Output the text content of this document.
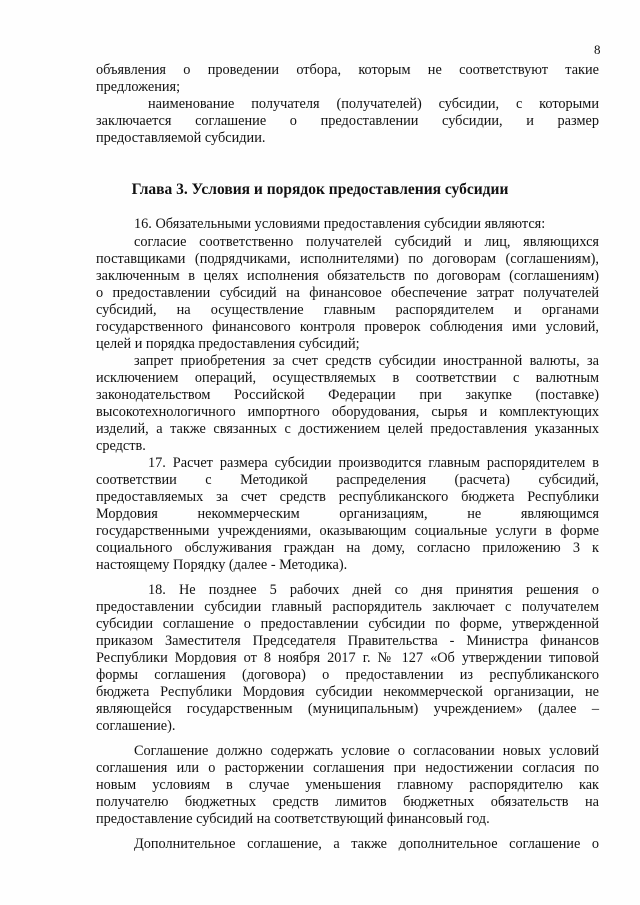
8
Глава 3. Условия и порядок предоставления субсидии
объявления о проведении отбора, которым не соответствуют такие
предложения;
наименование получателя (получателей) субсидии, с которыми
заключается соглашение о предоставлении субсидии, и размер
предоставляемой субсидии.
16. Обязательными условиями предоставления субсидии являются:
согласие соответственно получателей субсидий и лиц, являющихся
поставщиками (подрядчиками, исполнителями) по договорам (соглашениям),
заключенным в целях исполнения обязательств по договорам (соглашениям)
о предоставлении субсидий на финансовое обеспечение затрат получателей
субсидий, на осуществление главным распорядителем и органами
государственного финансового контроля проверок соблюдения ими условий,
целей и порядка предоставления субсидий;
запрет приобретения за счет средств субсидии иностранной валюты, за
исключением операций, осуществляемых в соответствии с валютным
законодательством Российской Федерации при закупке (поставке)
высокотехнологичного импортного оборудования, сырья и комплектующих
изделий, а также связанных с достижением целей предоставления указанных
средств.
17. Расчет размера субсидии производится главным распорядителем в
соответствии с Методикой распределения (расчета) субсидий,
предоставляемых за счет средств республиканского бюджета Республики
Мордовия некоммерческим организациям, не являющимся
государственными учреждениями, оказывающим социальные услуги в форме
социального обслуживания граждан на дому, согласно приложению 3 к
настоящему Порядку (далее - Методика).
18. Не позднее 5 рабочих дней со дня принятия решения о
предоставлении субсидии главный распорядитель заключает с получателем
субсидии соглашение о предоставлении субсидии по форме, утвержденной
приказом Заместителя Председателя Правительства - Министра финансов
Республики Мордовия от 8 ноября 2017 г. № 127 «Об утверждении типовой
формы соглашения (договора) о предоставлении из республиканского
бюджета Республики Мордовия субсидии некоммерческой организации, не
являющейся государственным (муниципальным) учреждением» (далее –
соглашение).
Соглашение должно содержать условие о согласовании новых условий
соглашения или о расторжении соглашения при недостижении согласия по
новым условиям в случае уменьшения главному распорядителю как
получателю бюджетных средств лимитов бюджетных обязательств на
предоставление субсидий на соответствующий финансовый год.
Дополнительное соглашение, а также дополнительное соглашение о
